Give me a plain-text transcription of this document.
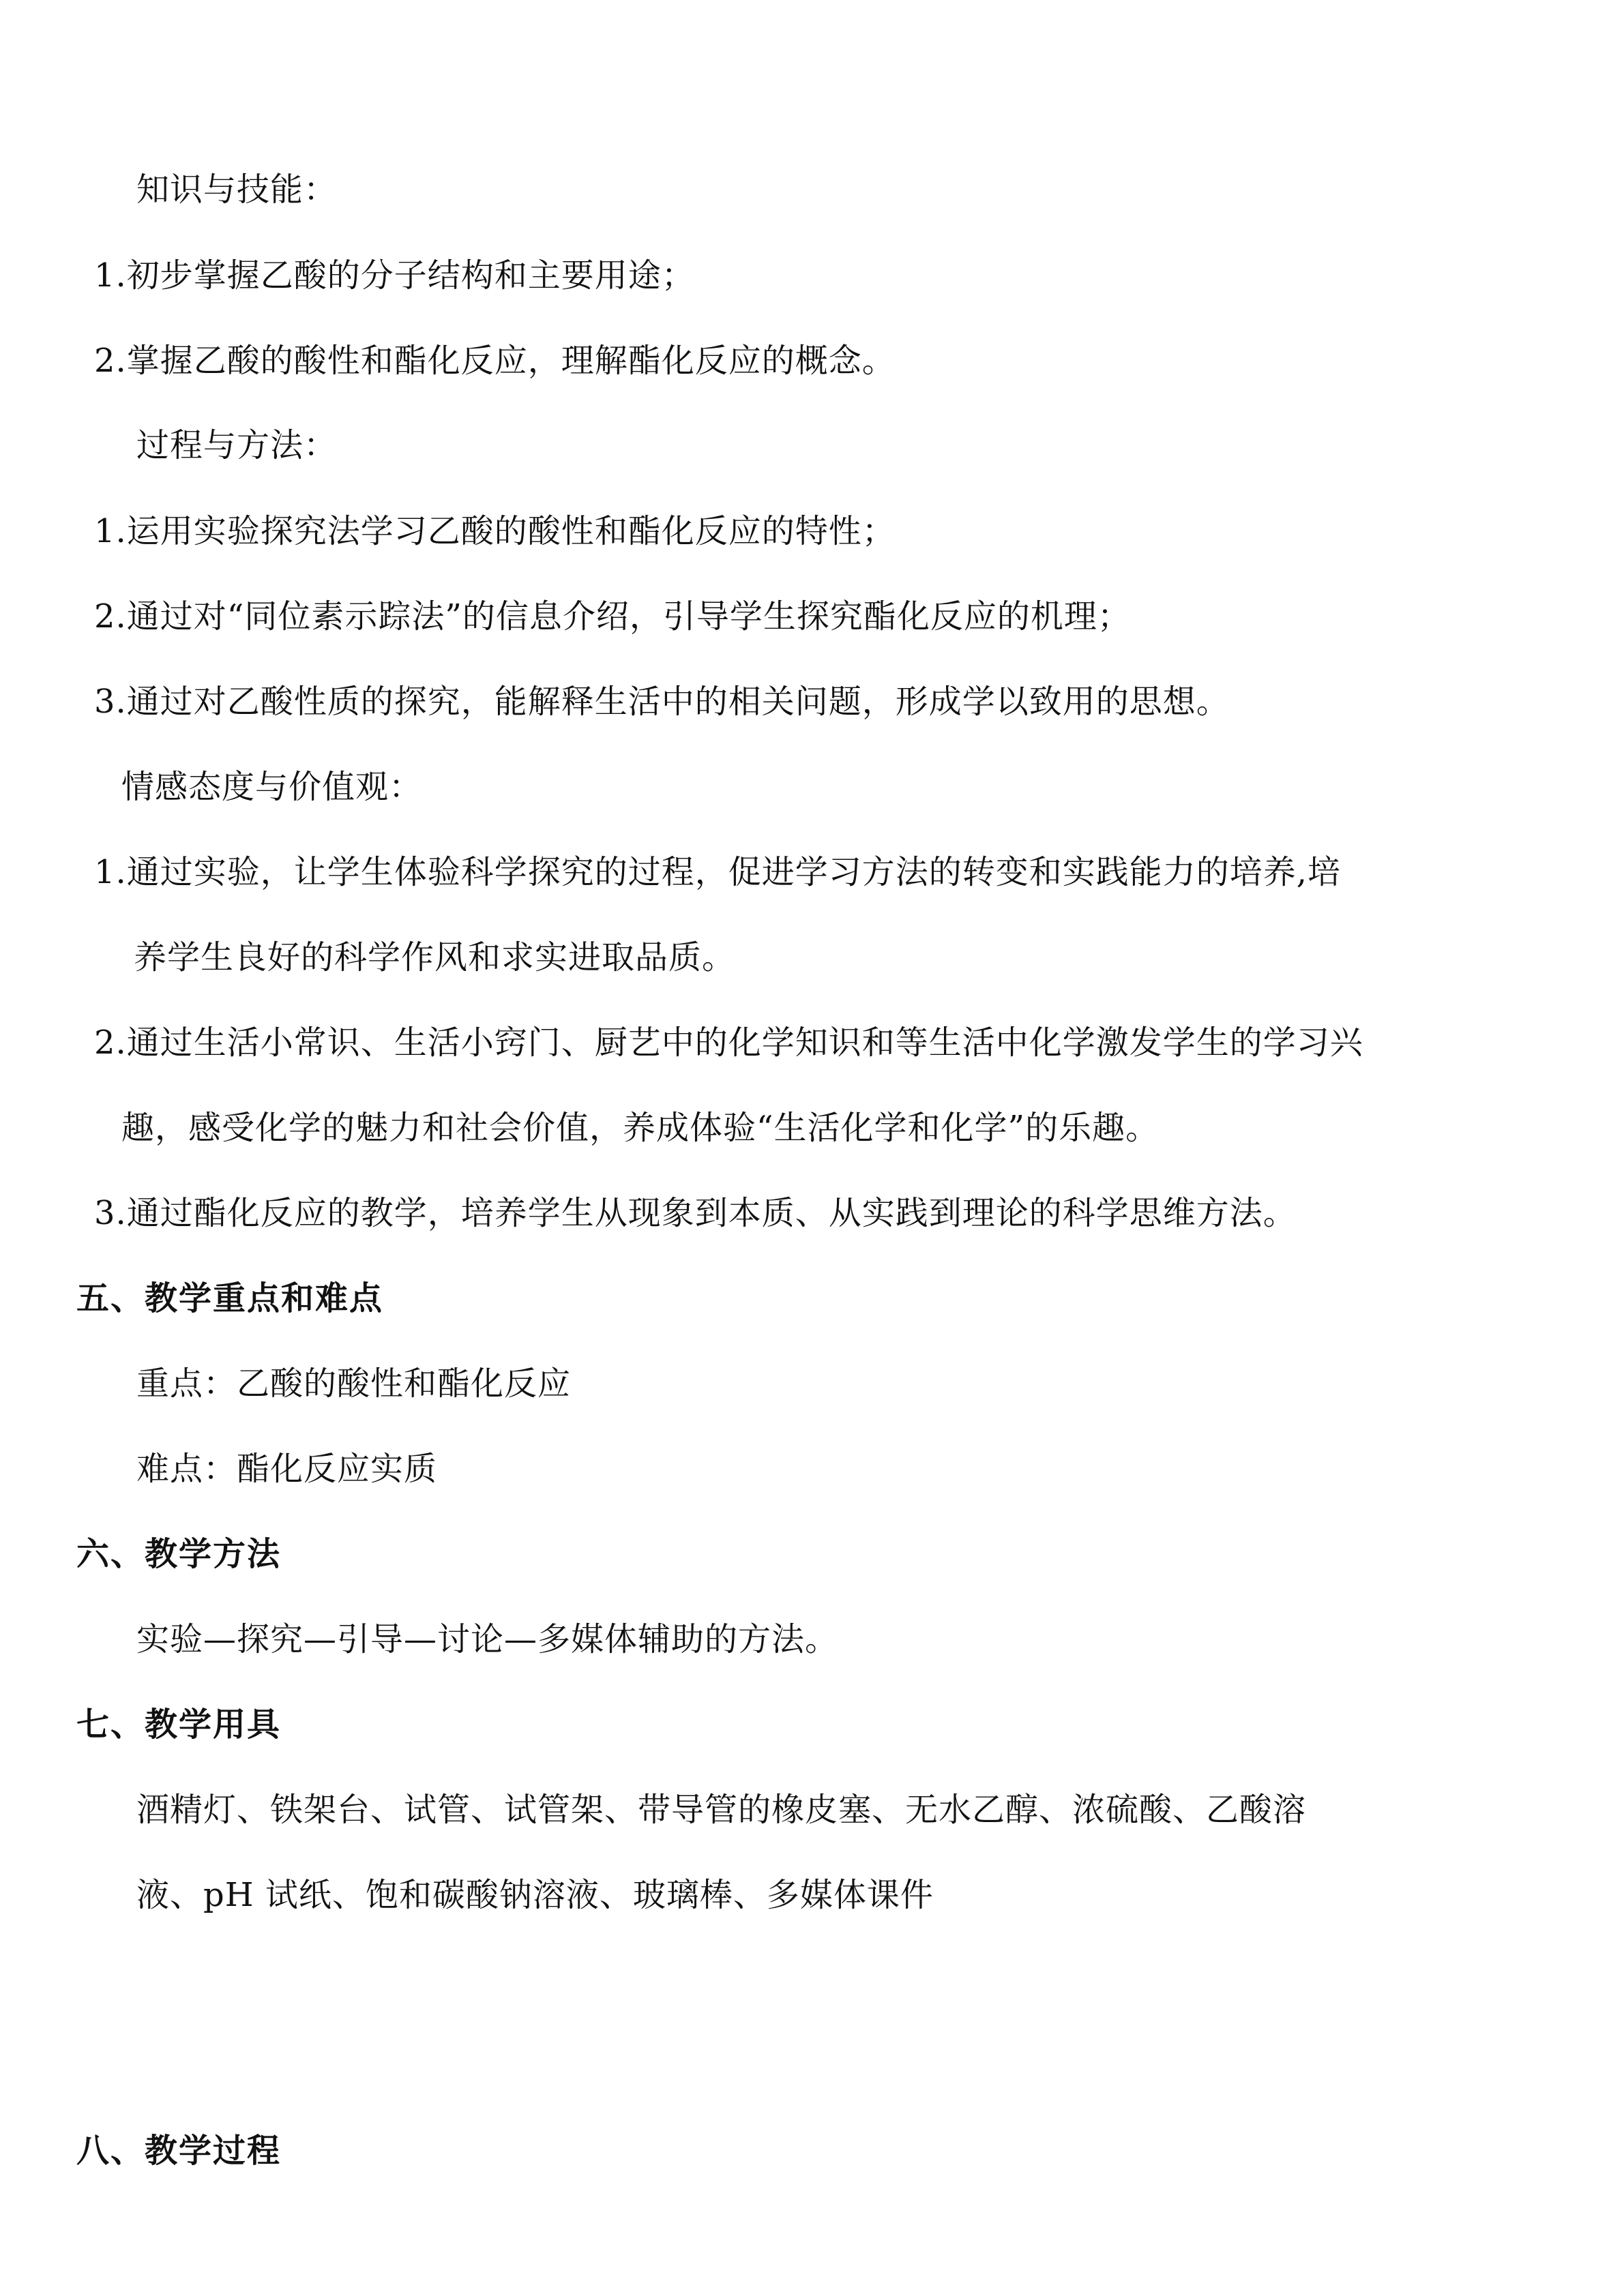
知识与技能：
1.初步掌握乙酸的分子结构和主要用途；
2.掌握乙酸的酸性和酯化反应，理解酯化反应的概念。
过程与方法：
1.运用实验探究法学习乙酸的酸性和酯化反应的特性；
2.通过对“同位素示踪法”的信息介绍，引导学生探究酯化反应的机理；
3.通过对乙酸性质的探究，能解释生活中的相关问题，形成学以致用的思想。
情感态度与价值观：
1.通过实验，让学生体验科学探究的过程，促进学习方法的转变和实践能力的培养,培
养学生良好的科学作风和求实进取品质。
2.通过生活小常识、生活小窍门、厨艺中的化学知识和等生活中化学激发学生的学习兴
趣，感受化学的魅力和社会价值，养成体验“生活化学和化学”的乐趣。
3.通过酯化反应的教学，培养学生从现象到本质、从实践到理论的科学思维方法。
五、教学重点和难点
重点：乙酸的酸性和酯化反应
难点：酯化反应实质
六、教学方法
实验—探究—引导—讨论—多媒体辅助的方法。
七、教学用具
酒精灯、铁架台、试管、试管架、带导管的橡皮塞、无水乙醇、浓硫酸、乙酸溶
液、pH 试纸、饱和碳酸钠溶液、玻璃棒、多媒体课件
八、教学过程
